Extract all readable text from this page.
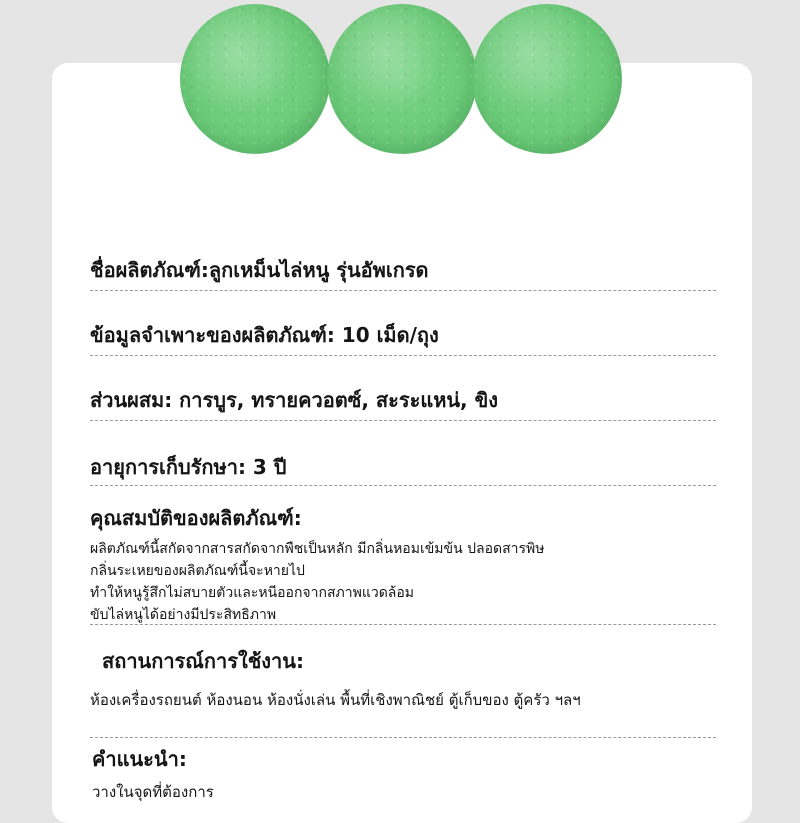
ชื่อผลิตภัณฑ์:ลูกเหม็นไล่หนู รุ่นอัพเกรด
ข้อมูลจำเพาะของผลิตภัณฑ์: 10 เม็ด/ถุง
ส่วนผสม: การบูร, ทรายควอตซ์, สะระแหน่, ขิง
อายุการเก็บรักษา: 3 ปี
คุณสมบัติของผลิตภัณฑ์:
ผลิตภัณฑ์นี้สกัดจากสารสกัดจากพืชเป็นหลัก มีกลิ่นหอมเข้มข้น ปลอดสารพิษ
กลิ่นระเหยของผลิตภัณฑ์นี้จะหายไป
ทำให้หนูรู้สึกไม่สบายตัวและหนีออกจากสภาพแวดล้อม
ขับไล่หนูได้อย่างมีประสิทธิภาพ
สถานการณ์การใช้งาน:
ห้องเครื่องรถยนต์ ห้องนอน ห้องนั่งเล่น พื้นที่เชิงพาณิชย์ ตู้เก็บของ ตู้ครัว ฯลฯ
คำแนะนำ:
วางในจุดที่ต้องการ
